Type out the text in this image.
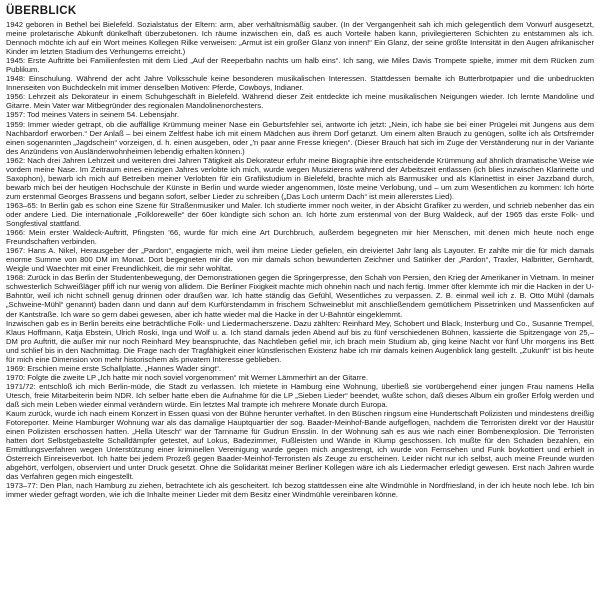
ÜBERBLICK

1942 geboren in Bethel bei Bielefeld. Sozialstatus der Eltern: arm, aber verhältnismäßig sauber. (In der Vergangenheit sah ich mich gelegentlich dem Vorwurf ausgesetzt, meine proletarische Abkunft dünkelhaft überzubetonen. Ich räume inzwischen ein, daß es auch Vorteile haben kann, privilegierteren Schichten zu entstammen als ich. Dennoch möchte ich auf ein Wort meines Kollegen Rilke verweisen: „Armut ist ein großer Glanz von innen!“ Ein Glanz, der seine größte Intensität in den Augen afrikanischer Kinder im letzten Stadium des Verhungerns erreicht.)

1945: Erste Auftritte bei Familienfesten mit dem Lied „Auf der Reeperbahn nachts um halb eins“. Ich sang, wie Miles Davis Trompete spielte, immer mit dem Rücken zum Publikum.

1948: Einschulung. Während der acht Jahre Volksschule keine besonderen musikalischen Interessen. Stattdessen bemalte ich Butterbrotpapier und die unbedruckten Innenseiten von Buchdeckeln mit immer denselben Motiven: Pferde, Cowboys, Indianer.

1956: Lehrzeit als Dekorateur in einem Schuhgeschäft in Bielefeld. Während dieser Zeit entdeckte ich meine musikalischen Neigungen wieder. Ich lernte Mandoline und Gitarre. Mein Vater war Mitbegründer des regionalen Mandolinenorchesters.

1957: Tod meines Vaters in seinem 54. Lebensjahr.

1959: Immer wieder getrapt, ob die auffällige Krümmung meiner Nase ein Geburtsfehler sei, antworte ich jetzt: „Nein, ich habe sie bei einer Prügelei mit Jungens aus dem Nachbardorf erworben.“ Der Anlaß – bei einem Zeltfest habe ich mit einem Mädchen aus ihrem Dorf getanzt. Um einem alten Brauch zu genügen, sollte ich als Ortsfremder einen sogenannten „Jagdschein“ vorzeigen, d. h. einen ausgeben, oder „'n paar anne Fresse kriegen“. (Dieser Brauch hat sich im Zuge der Verständerung nur in der Variante des Anzündens von Ausländerwohnheimen lebendig erhalten können.)

1962: Nach drei Jahren Lehrzeit und weiteren drei Jahren Tätigkeit als Dekorateur erfuhr meine Biographie ihre entscheidende Krümmung auf ähnlich dramatische Weise wie vordem meine Nase. Im Zeitraum eines einzigen Jahres verlobte ich mich, wurde wegen Musizierens während der Arbeitszeit entlassen (ich blies inzwischen Klarinette und Saxophon), bewarb ich mich auf Betreiben meiner Verlobten für ein Grafikstudium in Bielefeld, brachte mich als Barmusiker und als Klarinettist in einer Jazzband durch, bewarb mich bei der heutigen Hochschule der Künste in Berlin und wurde wieder angenommen, löste meine Verlobung, und – um zum Wesentlichen zu kommen: Ich hörte zum erstenmal Georges Brassens und begann sofort, selber Lieder zu schreiben („Das Loch unterm Dach“ ist mein allererstes Lied).

1963–65: In Berlin gab es schon eine Szene für Straßenmusiker und Maler. Ich studierte immer noch weiter, in der Absicht Grafiker zu werden, und schrieb nebenher das ein oder andere Lied. Die internationale „Folklorewelle“ der 60er kündigte sich schon an. Ich hörte zum erstenmal von der Burg Waldeck, auf der 1965 das erste Folk- und Songfestival stattfand.

1966: Mein erster Waldeck-Auftritt, Pfingsten '66, wurde für mich eine Art Durchbruch, außerdem begegneten mir hier Menschen, mit denen mich heute noch enge Freundschaften verbinden.

1967: Hans A. Nikel, Herausgeber der „Pardon“, engagierte mich, weil ihm meine Lieder gefielen, ein dreivierteI Jahr lang als Layouter. Er zahlte mir die für mich damals enorme Summe von 800 DM im Monat. Dort begegneten mir die von mir damals schon bewunderten Zeichner und Satiriker der „Pardon“, Traxler, Halbritter, Gernhardt, Weigle und Waechter mit einer Freundlichkeit, die mir sehr wohltat.

1968: Zurück in das Berlin der Studentenbewegung, der Demonstrationen gegen die Springerpresse, den Schah von Persien, den Krieg der Amerikaner in Vietnam. In meiner schwesterlich Schweißläger pfiff ich nur wenig von allidem. Die Berliner Fixigkeit machte mich ohnehin nach und nach fertig. Immer öfter klemmte ich mir die Hacken in der U-Bahntür, weil ich nicht schnell genug drinnen oder draußen war. Ich hatte ständig das Gefühl, Wesentliches zu verpassen. Z. B. einmal weil ich z. B. Otto Mühl (damals „Schweine-Mühl“ genannt) baden dann und dann auf dem Kurfürstendamm in frischem Schweineblut mit anschließendem gemütlichem Pissetrinken und Massenficken auf der Kantstraße. Ich ware so gern dabei gewesen, aber ich hatte wieder mal die Hacke in der U-Bahntür eingeklemmt.

Inzwischen gab es in Berlin bereits eine beträchtliche Folk- und Liedermacherszene. Dazu zählten: Reinhard Mey, Schobert und Black, Insterburg und Co., Susanne Trempel, Klaus Hoffmann, Katja Ebstein, Ulrich Roski, Inga und Wolf u. a. Ich stand damals jeden Abend auf bis zu fünf verschiedenen Bühnen, kassierte die Spitzengage von 25,– DM pro Auftritt, die außer mir nur noch Reinhard Mey beanspruchte, das Nachtleben gefiel mir, ich brach mein Studium ab, ging keine Nacht vor fünf Uhr morgens ins Bett und schlief bis in den Nachmittag. Die Frage nach der Tragfähigkeit einer künstlerischen Existenz habe ich mir damals keinen Augenblick lang gestellt. „Zukunft“ ist bis heute für mich eine Dimension von mehr historischem als privatem Interesse geblieben.

1969: Erschien meine erste Schallplatte. „Hannes Wader singt“.

1970: Folgte die zweite LP „Ich hatte mir noch soviel vorgenommen“ mit Werner Lämmerhirt an der Gitarre.

1971/72: entschloß ich mich Berlin-müde, die Stadt zu verlassen. Ich mietete in Hamburg eine Wohnung, überließ sie vorübergehend einer jungen Frau namens Hella Utesch, freie Mitarbeiterin beim NDR. Ich selber hatte eben die Aufnahme für die LP „Sieben Lieder“ beendet, wußte schon, daß dieses Album ein großer Erfolg werden und daß sich mein Leben wieder einmal verändern würde. Ein letztes Mal trampte ich mehrere Monate durch Europa.

Kaum zurück, wurde ich nach einem Konzert in Essen quasi von der Bühne herunter verhaftet. In den Büschen ringsum eine Hundertschaft Polizisten und mindestens dreißig Fotoreporter. Meine Hamburger Wohnung war als das damalige Hauptquartier der sog. Baader-Meinhof-Bande aufgeflogen, nachdem die Terroristen direkt vor der Haustür einen Polizisten erschossen hatten. „Hella Utesch“ war der Tarnname für Gudrun Ensslin. In der Wohnung sah es aus wie nach einer Bombenexplosion. Die Terroristen hatten dort Selbstgebastelte Schalldämpfer getestet, auf Lokus, Badezimmer, Fußleisten und Wände in Klump geschossen. Ich mußte für den Schaden bezahlen, ein Ermittlungsverfahren wegen Unterstützung einer kriminellen Vereinigung wurde gegen mich angestrengt, ich wurde von Fernsehen und Funk boykottiert und erhielt in Österreich Einreiseverbot. Ich hatte bei jedem Prozeß gegen Baader-Meinhof-Terroristen als Zeuge zu erscheinen. Leider nicht nur ich selbst, auch meine Freunde wurden abgehört, verfolgen, observiert und unter Druck gesetzt. Ohne die Solidarität meiner Berliner Kollegen wäre ich als Liedermacher erledigt gewesen. Erst nach Jahren wurde das Verfahren gegen mich eingestellt.

1973–77: Den Plan, nach Hamburg zu ziehen, betrachtete ich als gescheitert. Ich bezog stattdessen eine alte Windmühle in Nordfriesland, in der ich heute noch lebe. Ich bin immer wieder gefragt worden, wie ich die Inhalte meiner Lieder mit dem Besitz einer Windmühle vereinbaren könne.
